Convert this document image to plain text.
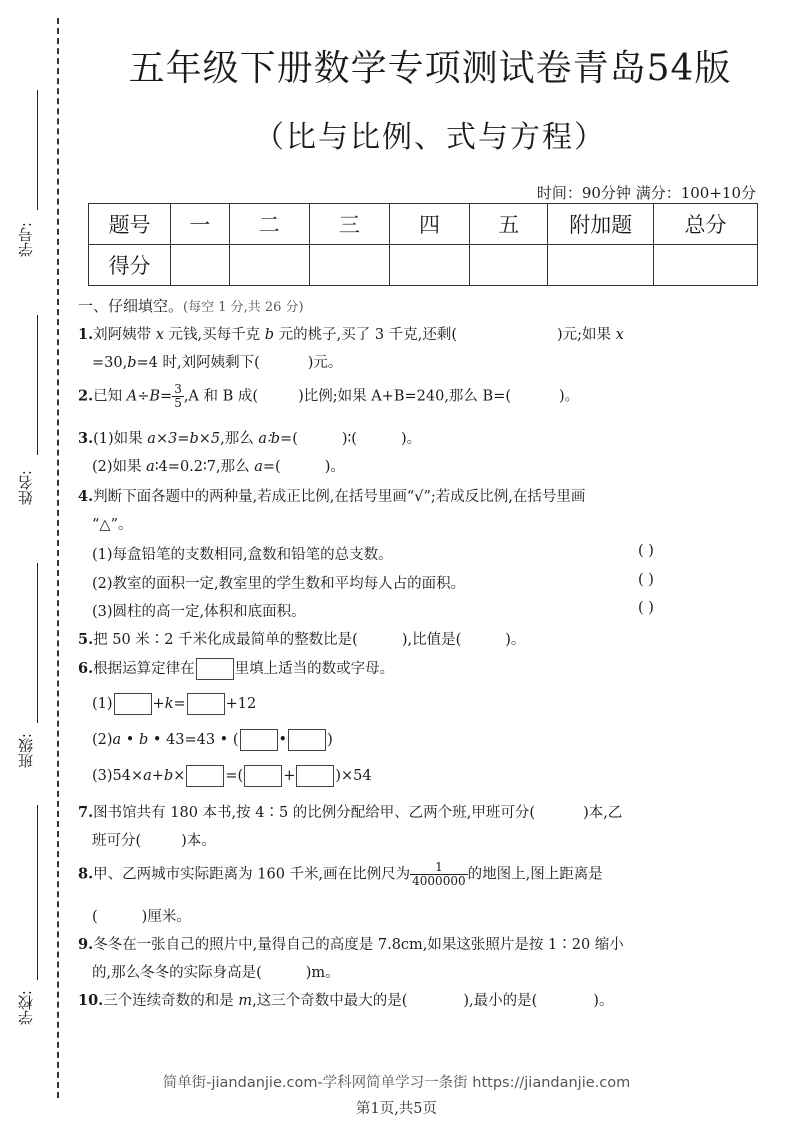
学号:
姓名:
班级:
学校:
五年级下册数学专项测试卷青岛54版
（比与比例、式与方程）
时间：90分钟 满分：100+10分
题号	一	二	三	四	五	附加题	总分
得分							
一、仔细填空。(每空 1 分,共 26 分)
1.刘阿姨带 x 元钱,买每千克 b 元的桃子,买了 3 千克,还剩(	)元;如果 x
=30,b=4 时,刘阿姨剩下(	)元。
2.已知 $A\div B= \frac{3}{5} ,A$ 和 B 成(	)比例;如果 A+B=240,那么 B=(	)。
3.(1)如果 a×3=b×5,那么 a∶b=(	)∶(	)。
(2)如果 a∶4=0.2∶7,那么 a=(	)。
4.判断下面各题中的两种量,若成正比例,在括号里画“√”;若成反比例,在括号里画
“△”。
(1)每盒铅笔的支数相同,盒数和铅笔的总支数。	( )
(2)教室的面积一定,教室里的学生数和平均每人占的面积。	( )
(3)圆柱的高一定,体积和底面积。	( )
5.把 50 米∶2 千米化成最简单的整数比是(	),比值是(	)。
6.根据运算定律在	里填上适当的数或字母。
(1)	+k=	+12
(2)a • b • 43=43 • (	•	)
(3)54×a+b×	=(	+	)×54
7.图书馆共有 180 本书,按 4∶5 的比例分配给甲、乙两个班,甲班可分(	)本,乙
班可分(	)本。
8.甲、乙两城市实际距离为 160 千米,画在比例尺为 $\frac{1}{4000000}$ 的地图上,图上距离是
(	)厘米。
9.冬冬在一张自己的照片中,量得自己的高度是 7.8cm,如果这张照片是按 1∶20 缩小
的,那么冬冬的实际身高是(	)m。
10.三个连续奇数的和是 m,这三个奇数中最大的是(	),最小的是(	)。
简单街-jiandanjie.com-学科网简单学习一条街 https://jiandanjie.com
第1页,共5页
